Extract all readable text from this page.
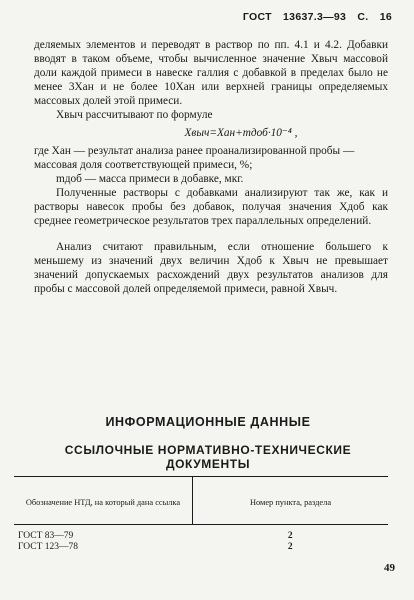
ГОСТ 13637.3—93 С. 16

деляемых элементов и переводят в раствор по пп. 4.1 и 4.2. Добавки вводят в таком объеме, чтобы вычисленное значение Xвыч массовой доли каждой примеси в навеске галлия с добавкой в пределах было не менее 3Xан и не более 10Xан или верхней границы определяемых массовых долей этой примеси.

Xвыч рассчитывают по формуле

Xвыч=Xан+mдоб·10⁻⁴ ,
где Xан — результат анализа ранее проанализированной пробы — массовая доля соответствующей примеси, %;
mдоб — масса примеси в добавке, мкг.

Полученные растворы с добавками анализируют так же, как и растворы навесок пробы без добавок, получая значения Xдоб как среднее геометрическое результатов трех параллельных определений.

Анализ считают правильным, если отношение большего к меньшему из значений двух величин Xдоб к Xвыч не превышает значений допускаемых расхождений двух результатов анализов для пробы с массовой долей определяемой примеси, равной Xвыч.

ИНФОРМАЦИОННЫЕ ДАННЫЕ
ССЫЛОЧНЫЕ НОРМАТИВНО-ТЕХНИЧЕСКИЕ ДОКУМЕНТЫ
Обозначение НТД, на который дана ссылка	Номер пункта, раздела
ГОСТ 83—79	2
ГОСТ 123—78	2
49
